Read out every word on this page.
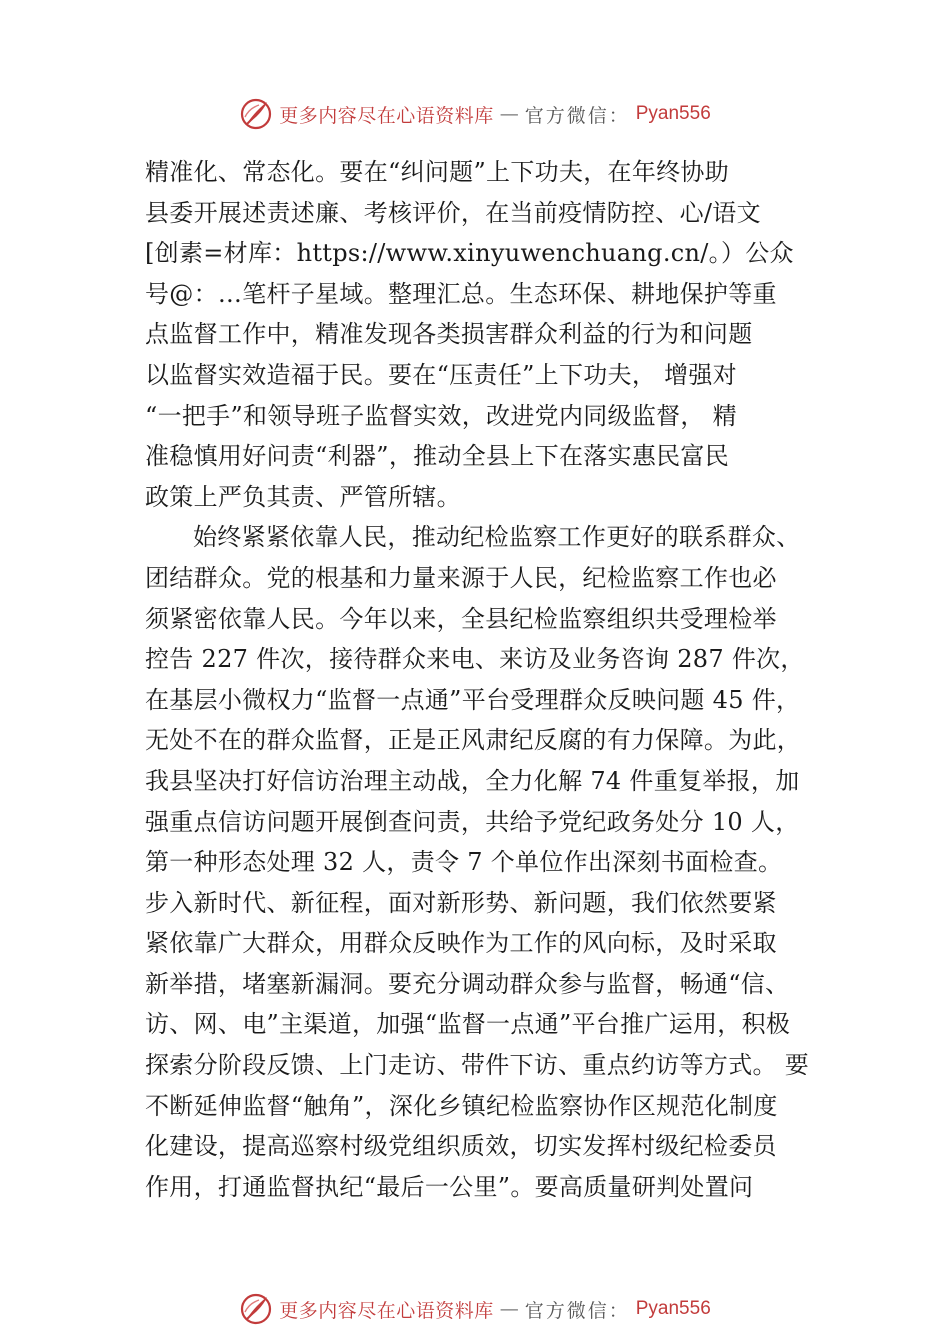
更多内容尽在心语资料库 — 官方微信： Pyan556
精准化、常态化。要在“纠问题”上下功夫，在年终协助
县委开展述责述廉、考核评价，在当前疫情防控、心/语文
[创素=材库：https://www.xinyuwenchuang.cn/。）公众
号@：…笔杆子星域。整理汇总。生态环保、耕地保护等重
点监督工作中，精准发现各类损害群众利益的行为和问题
以监督实效造福于民。要在“压责任”上下功夫， 增强对
“一把手”和领导班子监督实效，改进党内同级监督， 精
准稳慎用好问责“利器”，推动全县上下在落实惠民富民
政策上严负其责、严管所辖。
始终紧紧依靠人民，推动纪检监察工作更好的联系群众、
团结群众。党的根基和力量来源于人民，纪检监察工作也必
须紧密依靠人民。今年以来，全县纪检监察组织共受理检举
控告 227 件次，接待群众来电、来访及业务咨询 287 件次，
在基层小微权力“监督一点通”平台受理群众反映问题 45 件，
无处不在的群众监督，正是正风肃纪反腐的有力保障。为此，
我县坚决打好信访治理主动战，全力化解 74 件重复举报，加
强重点信访问题开展倒查问责，共给予党纪政务处分 10 人，
第一种形态处理 32 人，责令 7 个单位作出深刻书面检查。
步入新时代、新征程，面对新形势、新问题，我们依然要紧
紧依靠广大群众，用群众反映作为工作的风向标，及时采取
新举措，堵塞新漏洞。要充分调动群众参与监督，畅通“信、
访、网、电”主渠道，加强“监督一点通”平台推广运用，积极
探索分阶段反馈、上门走访、带件下访、重点约访等方式。 要
不断延伸监督“触角”，深化乡镇纪检监察协作区规范化制度
化建设，提高巡察村级党组织质效，切实发挥村级纪检委员
作用，打通监督执纪“最后一公里”。要高质量研判处置问
更多内容尽在心语资料库 — 官方微信： Pyan556
